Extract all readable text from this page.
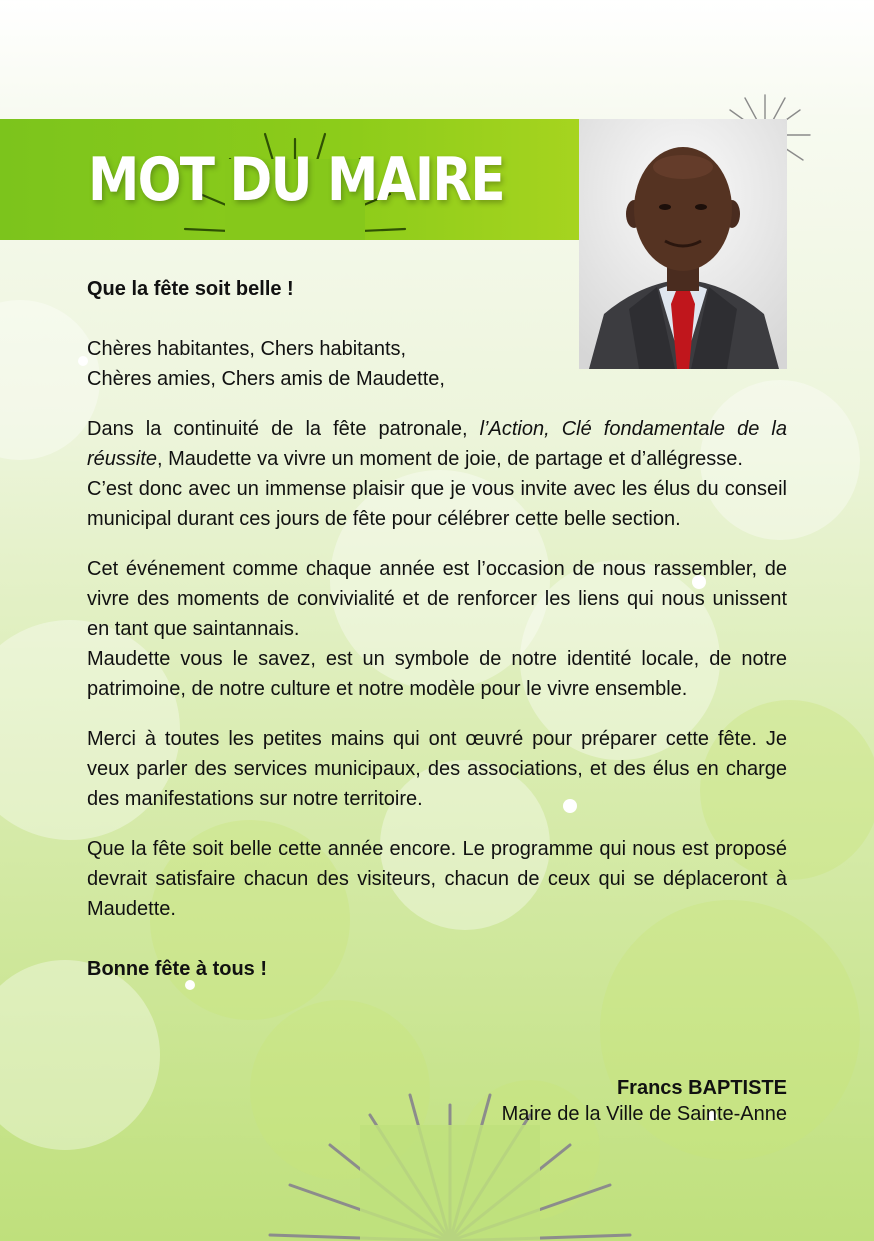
MOT DU MAIRE

Que la fête soit belle !

Chères habitantes, Chers habitants,

Chères amies, Chers amis de Maudette,

Dans la continuité de la fête patronale, l’Action, Clé fondamentale de la réussite, Maudette va vivre un moment de joie, de partage et d’allégresse.

C’est donc avec un immense plaisir que je vous invite avec les élus du conseil municipal durant ces jours de fête pour célébrer cette belle section.

Cet événement comme chaque année est l’occasion de nous rassembler, de vivre des moments de convivialité et de renforcer les liens qui nous unissent en tant que saintannais.

Maudette vous le savez, est un symbole de notre identité locale, de notre patrimoine, de notre culture et notre modèle pour le vivre ensemble.

Merci à toutes les petites mains qui ont œuvré pour préparer cette fête. Je veux parler des services municipaux, des associations, et des élus en charge des manifestations sur notre territoire.

Que la fête soit belle cette année encore. Le programme qui nous est proposé devrait satisfaire chacun des visiteurs, chacun de ceux qui se déplaceront à Maudette.

Bonne fête à tous !

Francs BAPTISTE
Maire de la Ville de Sainte-Anne
